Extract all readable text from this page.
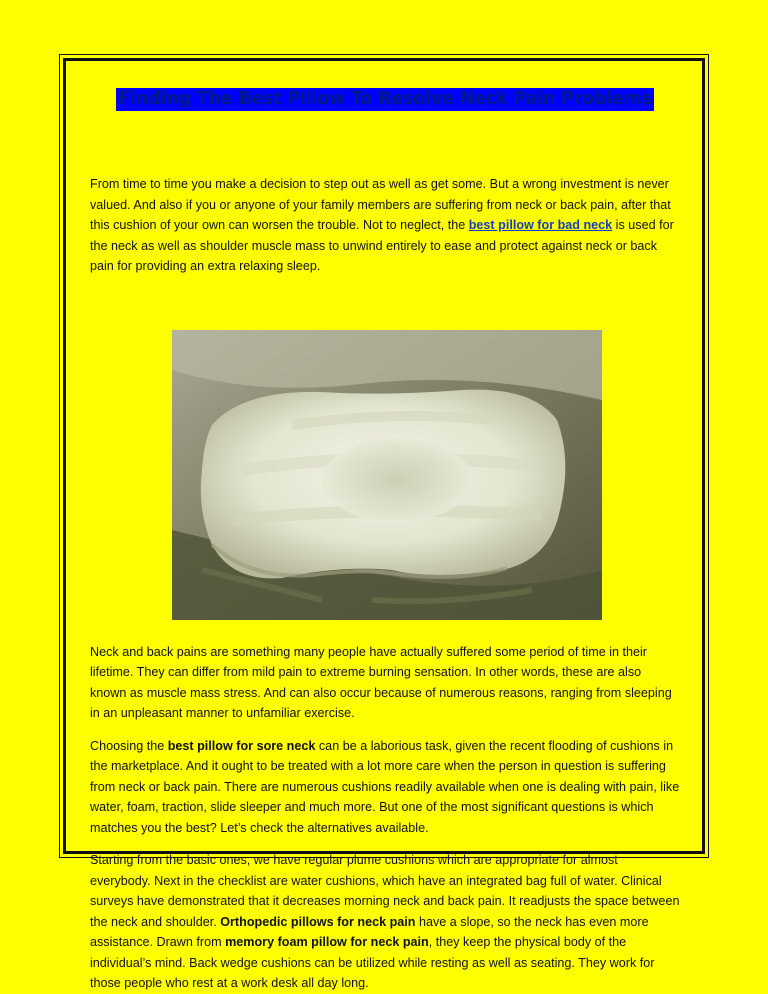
Finding The Best Pillow To Resolve Neck Pain Problems

From time to time you make a decision to step out as well as get some. But a wrong investment is never valued. And also if you or anyone of your family members are suffering from neck or back pain, after that this cushion of your own can worsen the trouble. Not to neglect, the best pillow for bad neck is used for the neck as well as shoulder muscle mass to unwind entirely to ease and protect against neck or back pain for providing an extra relaxing sleep.

Neck and back pains are something many people have actually suffered some period of time in their lifetime. They can differ from mild pain to extreme burning sensation. In other words, these are also known as muscle mass stress. And can also occur because of numerous reasons, ranging from sleeping in an unpleasant manner to unfamiliar exercise.

Choosing the best pillow for sore neck can be a laborious task, given the recent flooding of cushions in the marketplace. And it ought to be treated with a lot more care when the person in question is suffering from neck or back pain. There are numerous cushions readily available when one is dealing with pain, like water, foam, traction, slide sleeper and much more. But one of the most significant questions is which matches you the best? Let’s check the alternatives available.

Starting from the basic ones, we have regular plume cushions which are appropriate for almost everybody. Next in the checklist are water cushions, which have an integrated bag full of water. Clinical surveys have demonstrated that it decreases morning neck and back pain. It readjusts the space between the neck and shoulder. Orthopedic pillows for neck pain have a slope, so the neck has even more assistance. Drawn from memory foam pillow for neck pain, they keep the physical body of the individual’s mind. Back wedge cushions can be utilized while resting as well as seating. They work for those people who rest at a work desk all day long.
